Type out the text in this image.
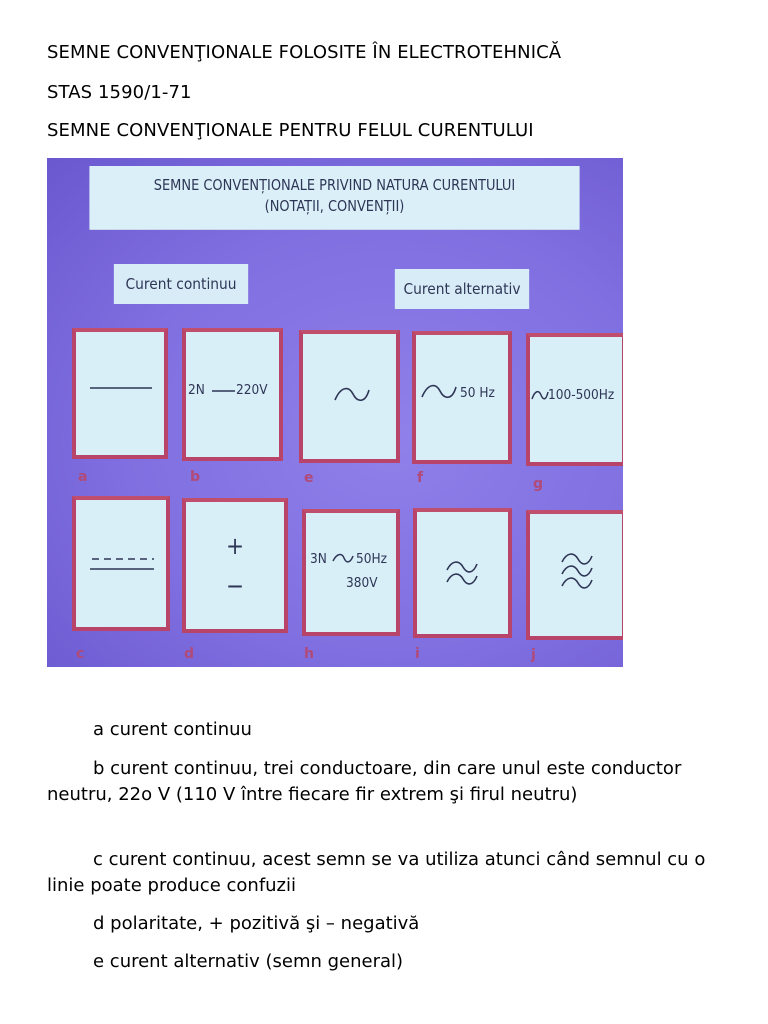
SEMNE CONVENŢIONALE FOLOSITE ÎN ELECTROTEHNICĂ

STAS 1590/1-71

SEMNE CONVENŢIONALE PENTRU FELUL CURENTULUI

SEMNE CONVENȚIONALE PRIVIND NATURA CURENTULUI
(NOTAȚII, CONVENȚII)
Curent continuu	Curent alternativ
2N 220V	50 Hz	100-500Hz
a	b	e	f	g
+
−
3N 50Hz
380V
c	d	h	i	j

a curent continuu

b curent continuu, trei conductoare, din care unul este conductor neutru, 22o V (110 V între fiecare fir extrem şi firul neutru)

c curent continuu, acest semn se va utiliza atunci când semnul cu o linie poate produce confuzii

d polaritate, + pozitivă şi – negativă

e curent alternativ (semn general)
